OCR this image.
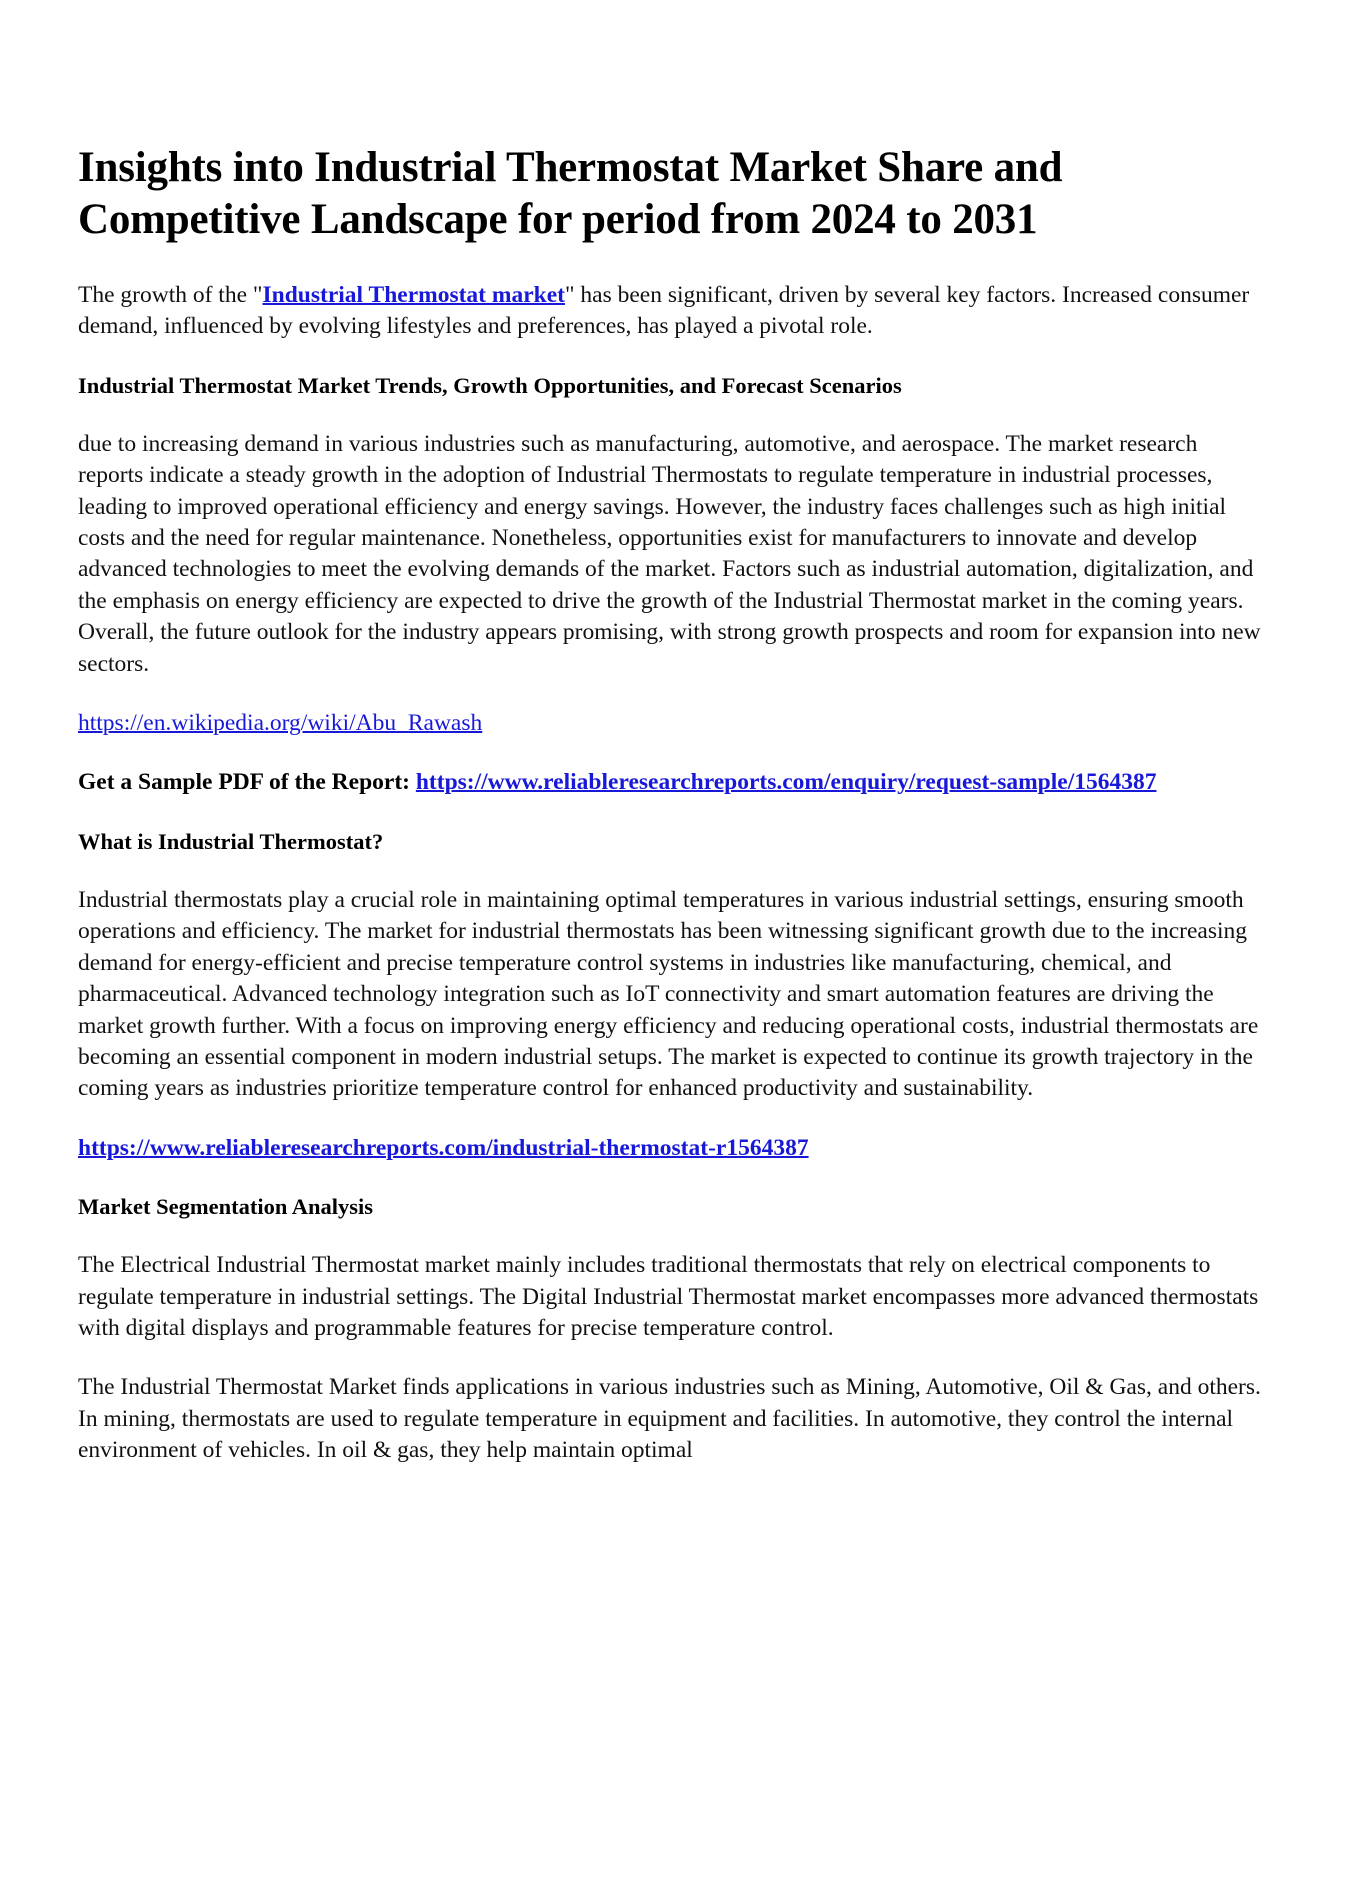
Insights into Industrial Thermostat Market Share and Competitive Landscape for period from 2024 to 2031

The growth of the "Industrial Thermostat market" has been significant, driven by several key factors. Increased consumer demand, influenced by evolving lifestyles and preferences, has played a pivotal role.

Industrial Thermostat Market Trends, Growth Opportunities, and Forecast Scenarios

due to increasing demand in various industries such as manufacturing, automotive, and aerospace. The market research reports indicate a steady growth in the adoption of Industrial Thermostats to regulate temperature in industrial processes, leading to improved operational efficiency and energy savings. However, the industry faces challenges such as high initial costs and the need for regular maintenance. Nonetheless, opportunities exist for manufacturers to innovate and develop advanced technologies to meet the evolving demands of the market. Factors such as industrial automation, digitalization, and the emphasis on energy efficiency are expected to drive the growth of the Industrial Thermostat market in the coming years. Overall, the future outlook for the industry appears promising, with strong growth prospects and room for expansion into new sectors.

https://en.wikipedia.org/wiki/Abu_Rawash

Get a Sample PDF of the Report: https://www.reliableresearchreports.com/enquiry/request-sample/1564387

What is Industrial Thermostat?

Industrial thermostats play a crucial role in maintaining optimal temperatures in various industrial settings, ensuring smooth operations and efficiency. The market for industrial thermostats has been witnessing significant growth due to the increasing demand for energy-efficient and precise temperature control systems in industries like manufacturing, chemical, and pharmaceutical. Advanced technology integration such as IoT connectivity and smart automation features are driving the market growth further. With a focus on improving energy efficiency and reducing operational costs, industrial thermostats are becoming an essential component in modern industrial setups. The market is expected to continue its growth trajectory in the coming years as industries prioritize temperature control for enhanced productivity and sustainability.

https://www.reliableresearchreports.com/industrial-thermostat-r1564387

Market Segmentation Analysis

The Electrical Industrial Thermostat market mainly includes traditional thermostats that rely on electrical components to regulate temperature in industrial settings. The Digital Industrial Thermostat market encompasses more advanced thermostats with digital displays and programmable features for precise temperature control.

The Industrial Thermostat Market finds applications in various industries such as Mining, Automotive, Oil & Gas, and others. In mining, thermostats are used to regulate temperature in equipment and facilities. In automotive, they control the internal environment of vehicles. In oil & gas, they help maintain optimal
